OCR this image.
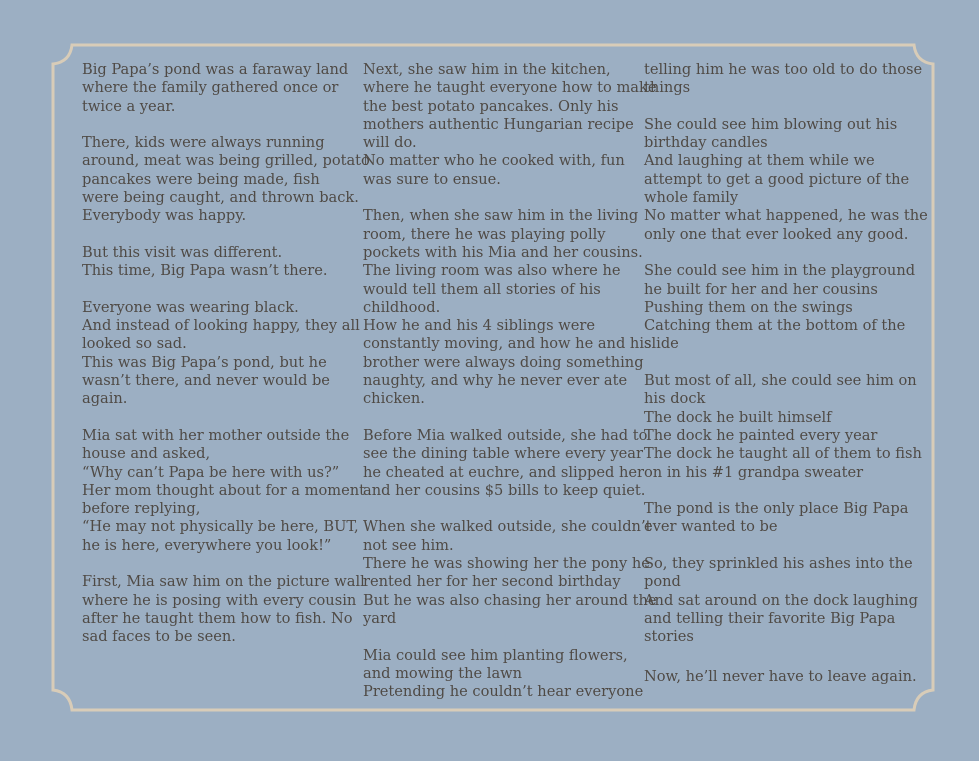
Big Papa’s pond was a faraway land
where the family gathered once or
twice a year.

There, kids were always running
around, meat was being grilled, potato
pancakes were being made, fish
were being caught, and thrown back.
Everybody was happy.

But this visit was different.
This time, Big Papa wasn’t there.

Everyone was wearing black.
And instead of looking happy, they all
looked so sad.
This was Big Papa’s pond, but he
wasn’t there, and never would be
again.

Mia sat with her mother outside the
house and asked,
“Why can’t Papa be here with us?”
Her mom thought about for a moment
before replying,
“He may not physically be here, BUT,
he is here, everywhere you look!”

First, Mia saw him on the picture wall
where he is posing with every cousin
after he taught them how to fish. No
sad faces to be seen.

Next, she saw him in the kitchen,
where he taught everyone how to make
the best potato pancakes. Only his
mothers authentic Hungarian recipe
will do.
No matter who he cooked with, fun
was sure to ensue.

Then, when she saw him in the living
room, there he was playing polly
pockets with his Mia and her cousins.
The living room was also where he
would tell them all stories of his
childhood.
How he and his 4 siblings were
constantly moving, and how he and his
brother were always doing something
naughty, and why he never ever ate
chicken.

Before Mia walked outside, she had to
see the dining table where every year
he cheated at euchre, and slipped her
and her cousins $5 bills to keep quiet.

When she walked outside, she couldn’t
not see him.
There he was showing her the pony he
rented her for her second birthday
But he was also chasing her around the
yard

Mia could see him planting flowers,
and mowing the lawn
Pretending he couldn’t hear everyone

telling him he was too old to do those
things

She could see him blowing out his
birthday candles
And laughing at them while we
attempt to get a good picture of the
whole family
No matter what happened, he was the
only one that ever looked any good.

She could see him in the playground
he built for her and her cousins
Pushing them on the swings
Catching them at the bottom of the
slide

But most of all, she could see him on
his dock
The dock he built himself
The dock he painted every year
The dock he taught all of them to fish
on in his #1 grandpa sweater

The pond is the only place Big Papa
ever wanted to be

So, they sprinkled his ashes into the
pond
And sat around on the dock laughing
and telling their favorite Big Papa
stories

Now, he’ll never have to leave again.
